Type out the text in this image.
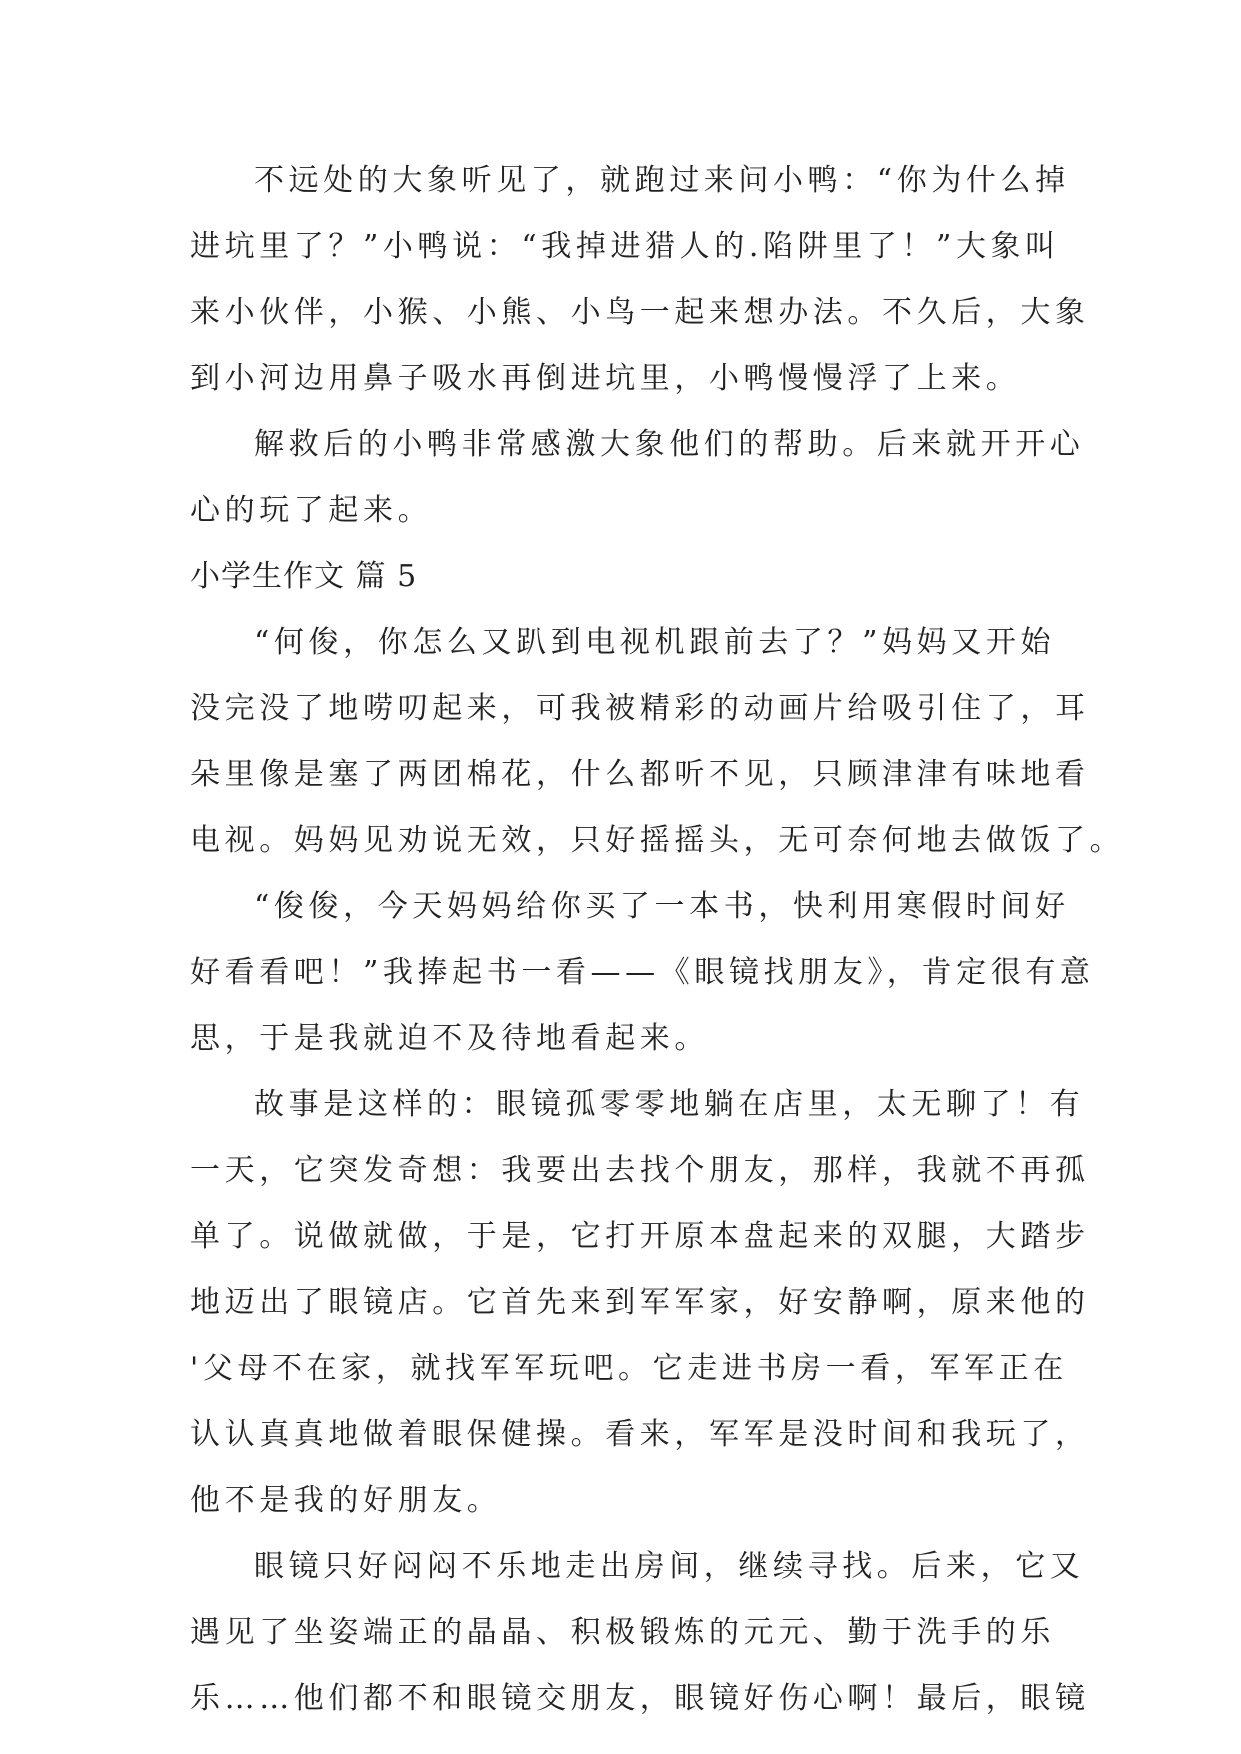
不远处的大象听见了，就跑过来问小鸭：“你为什么掉

进坑里了？”小鸭说：“我掉进猎人的.陷阱里了！”大象叫

来小伙伴，小猴、小熊、小鸟一起来想办法。不久后，大象

到小河边用鼻子吸水再倒进坑里，小鸭慢慢浮了上来。

解救后的小鸭非常感激大象他们的帮助。后来就开开心

心的玩了起来。

小学生作文 篇 5

“何俊，你怎么又趴到电视机跟前去了？”妈妈又开始

没完没了地唠叨起来，可我被精彩的动画片给吸引住了，耳

朵里像是塞了两团棉花，什么都听不见，只顾津津有味地看

电视。妈妈见劝说无效，只好摇摇头，无可奈何地去做饭了。

“俊俊，今天妈妈给你买了一本书，快利用寒假时间好

好看看吧！”我捧起书一看——《眼镜找朋友》，肯定很有意

思，于是我就迫不及待地看起来。

故事是这样的：眼镜孤零零地躺在店里，太无聊了！有

一天，它突发奇想：我要出去找个朋友，那样，我就不再孤

单了。说做就做，于是，它打开原本盘起来的双腿，大踏步

地迈出了眼镜店。它首先来到军军家，好安静啊，原来他的

'父母不在家，就找军军玩吧。它走进书房一看，军军正在

认认真真地做着眼保健操。看来，军军是没时间和我玩了，

他不是我的好朋友。

眼镜只好闷闷不乐地走出房间，继续寻找。后来，它又

遇见了坐姿端正的晶晶、积极锻炼的元元、勤于洗手的乐

乐……他们都不和眼镜交朋友，眼镜好伤心啊！最后，眼镜
